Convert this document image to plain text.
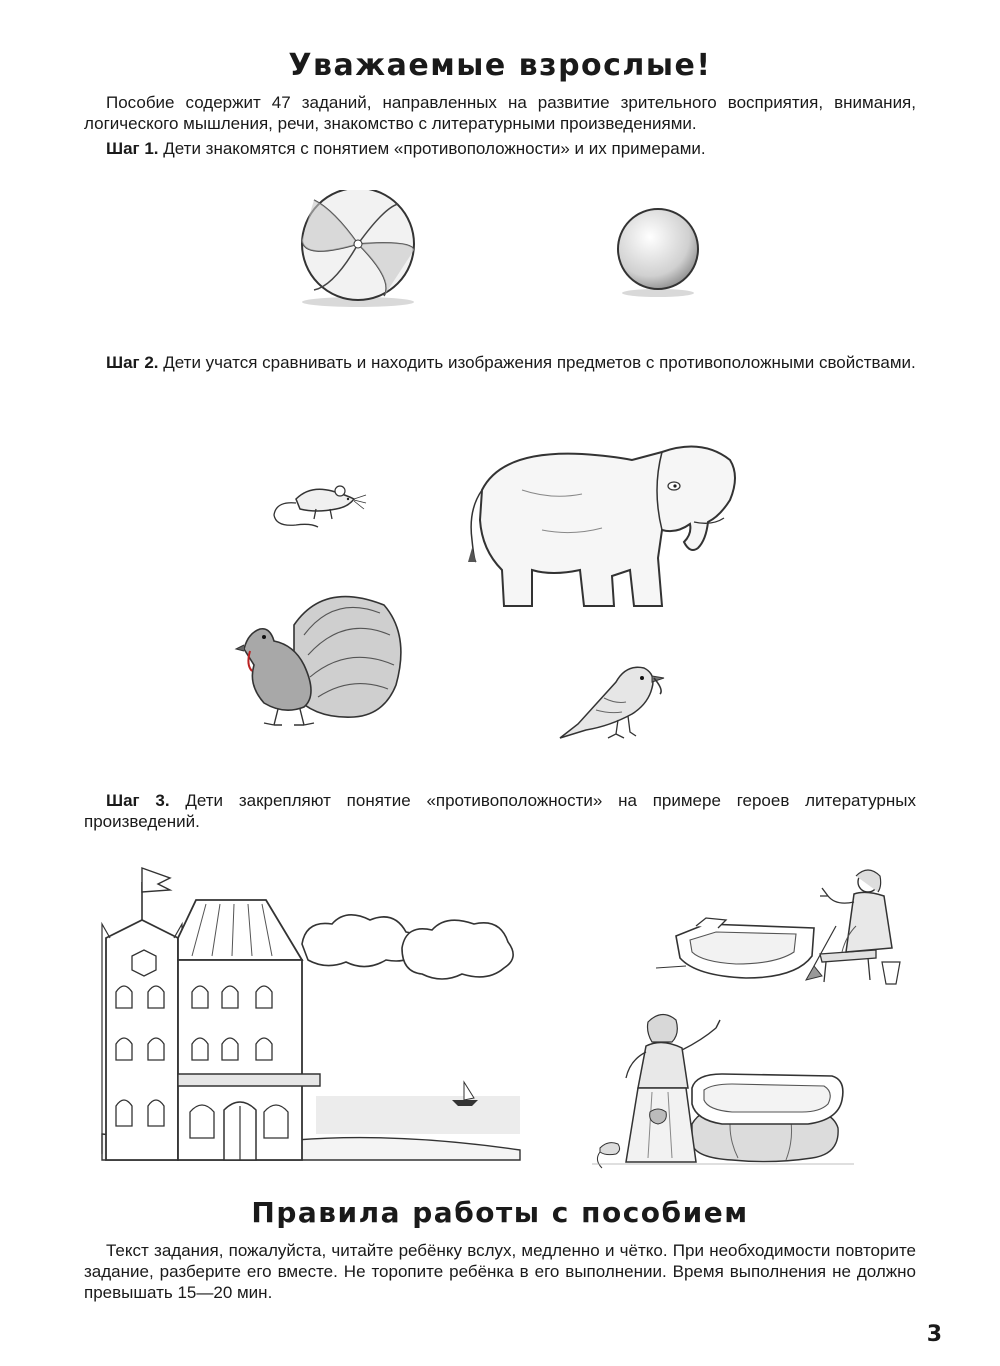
Уважаемые взрослые!

Пособие содержит 47 заданий, направленных на развитие зрительного восприятия, внимания, логического мышления, речи, знакомство с литературными произведениями.

Шаг 1. Дети знакомятся с понятием «противоположности» и их примерами.

Шаг 2. Дети учатся сравнивать и находить изображения предметов с противоположными свойствами.

Шаг 3. Дети закрепляют понятие «противоположности» на примере героев литературных произведений.

Правила работы с пособием

Текст задания, пожалуйста, читайте ребёнку вслух, медленно и чётко. При необходимости повторите задание, разберите его вместе. Не торопите ребёнка в его выполнении. Время выполнения не должно превышать 15—20 мин.

3
